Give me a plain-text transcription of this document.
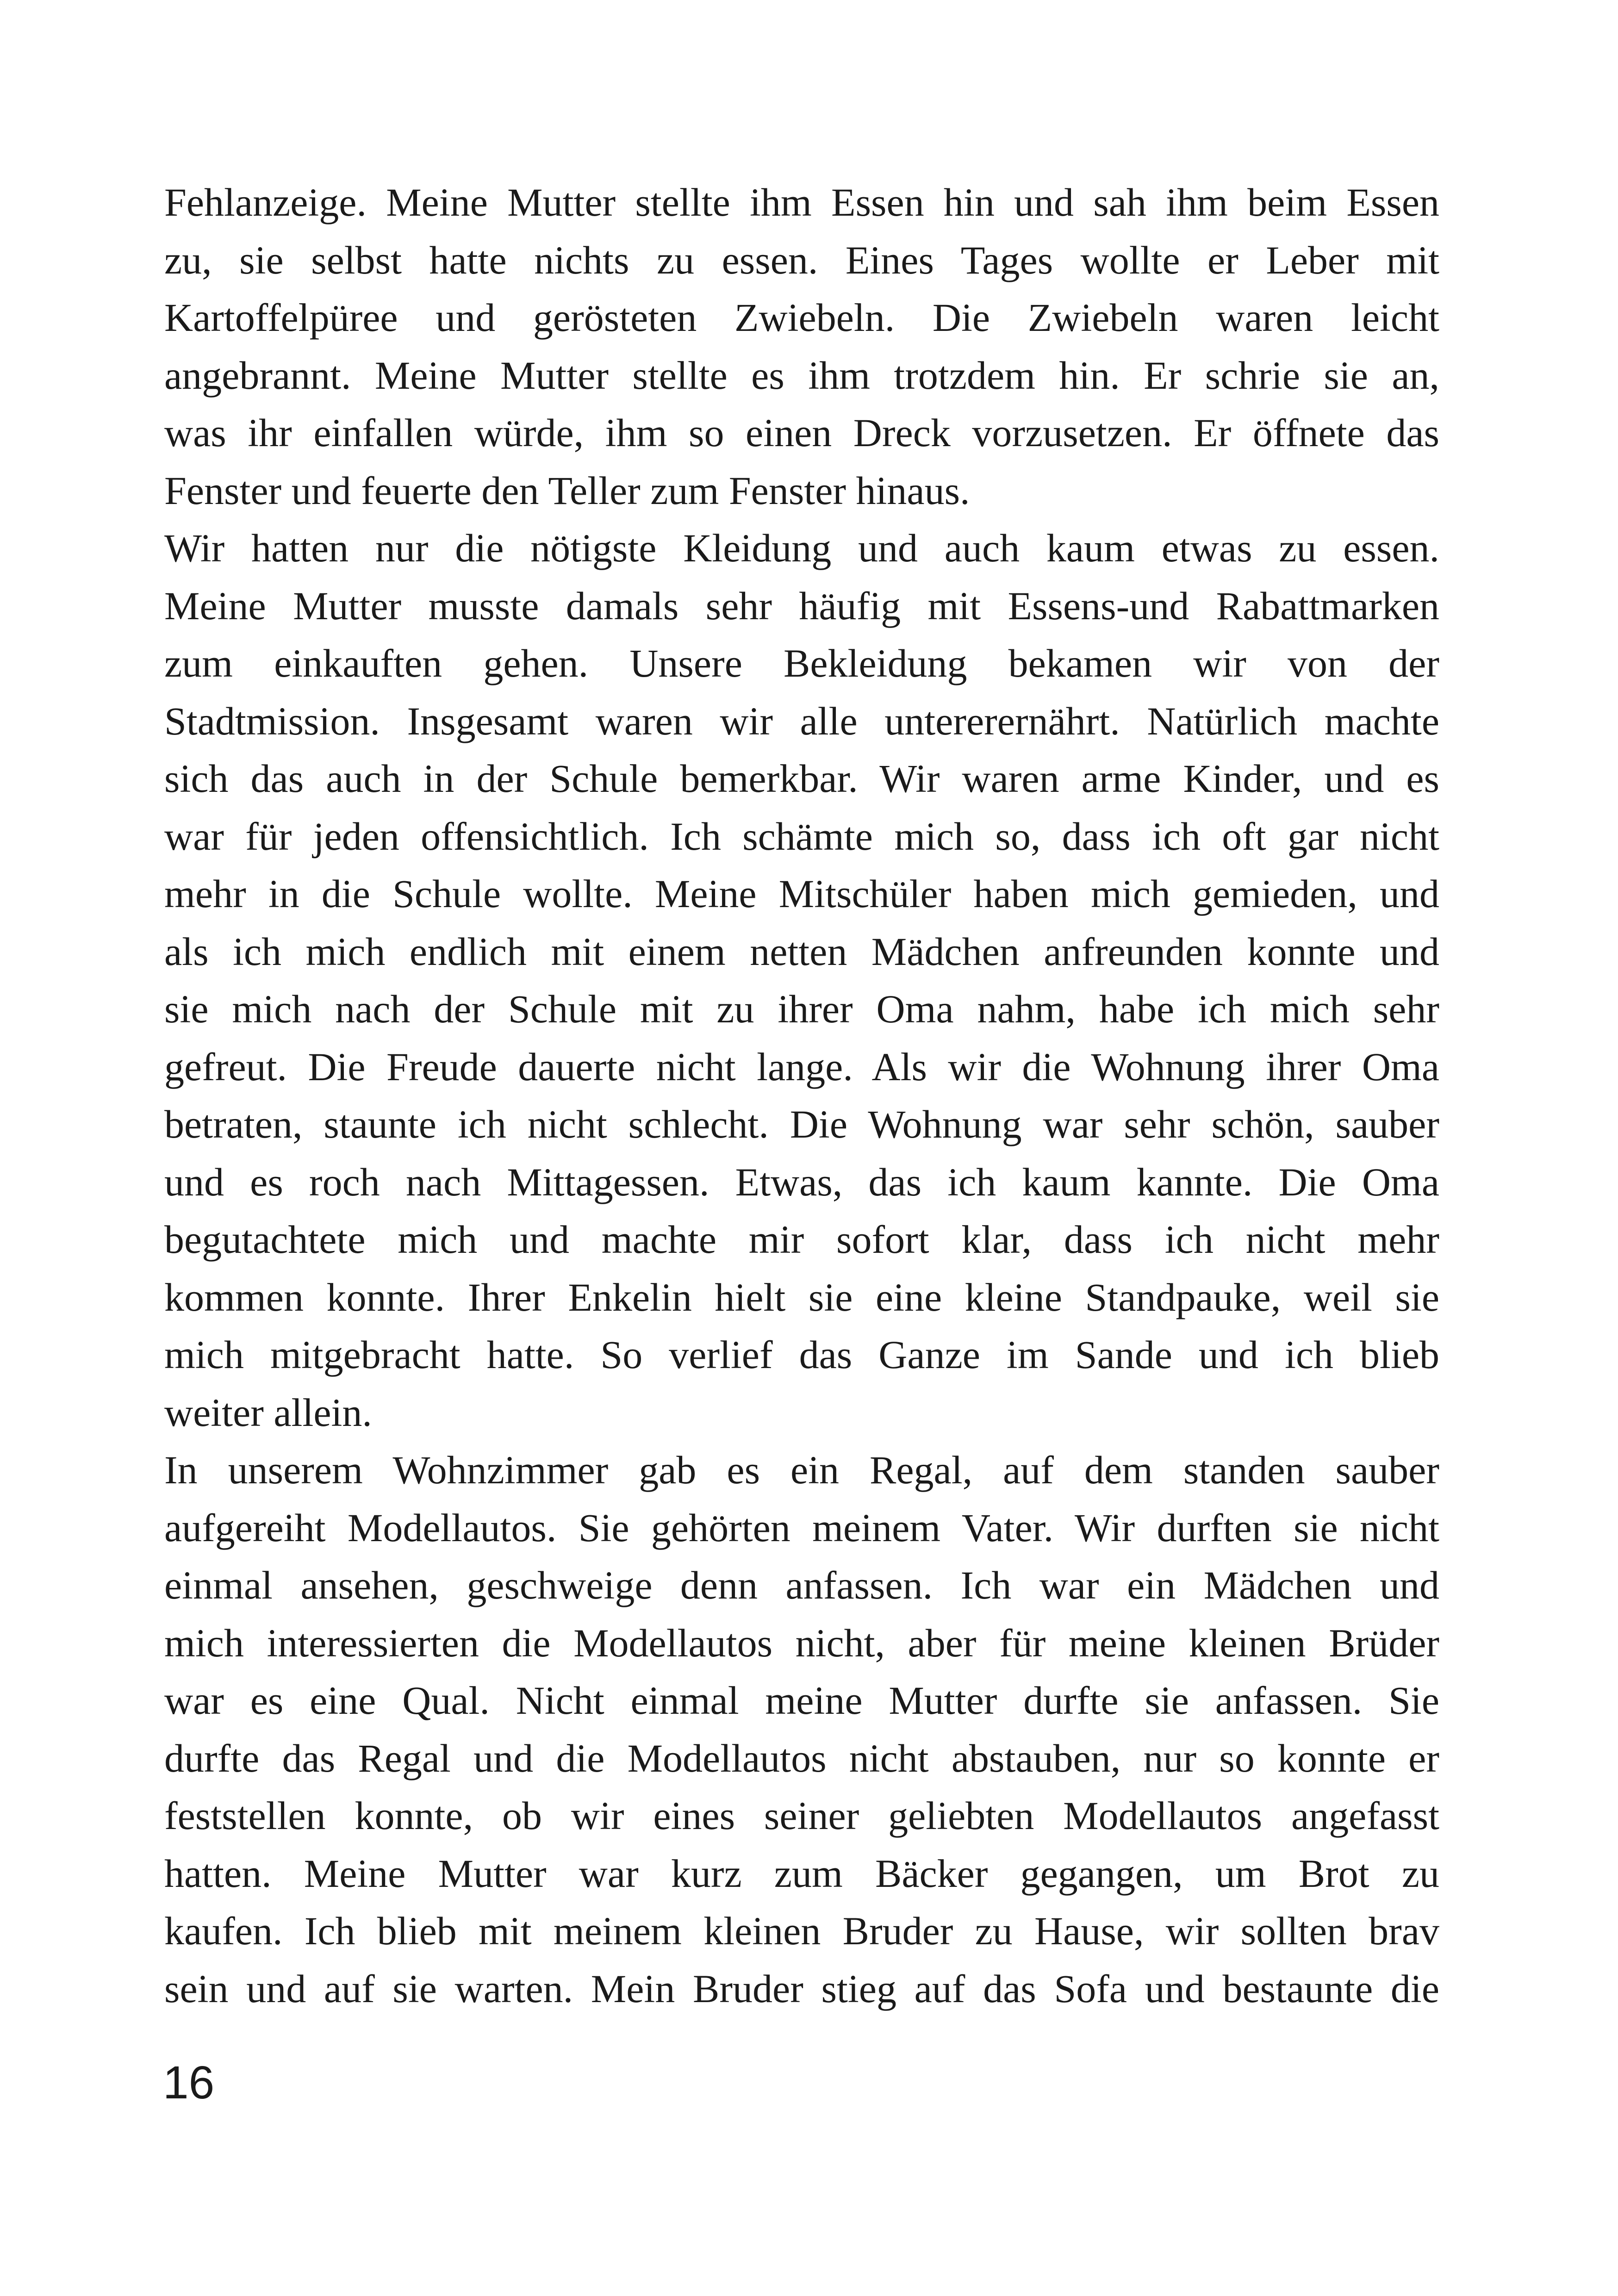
Fehlanzeige. Meine Mutter stellte ihm Essen hin und sah ihm beim Essen
zu, sie selbst hatte nichts zu essen. Eines Tages wollte er Leber mit
Kartoffelpüree und gerösteten Zwiebeln. Die Zwiebeln waren leicht
angebrannt. Meine Mutter stellte es ihm trotzdem hin. Er schrie sie an,
was ihr einfallen würde, ihm so einen Dreck vorzusetzen. Er öffnete das
Fenster und feuerte den Teller zum Fenster hinaus.

Wir hatten nur die nötigste Kleidung und auch kaum etwas zu essen.
Meine Mutter musste damals sehr häufig mit Essens-und Rabattmarken
zum einkauften gehen. Unsere Bekleidung bekamen wir von der
Stadtmission. Insgesamt waren wir alle untererernährt. Natürlich machte
sich das auch in der Schule bemerkbar. Wir waren arme Kinder, und es
war für jeden offensichtlich. Ich schämte mich so, dass ich oft gar nicht
mehr in die Schule wollte. Meine Mitschüler haben mich gemieden, und
als ich mich endlich mit einem netten Mädchen anfreunden konnte und
sie mich nach der Schule mit zu ihrer Oma nahm, habe ich mich sehr
gefreut. Die Freude dauerte nicht lange. Als wir die Wohnung ihrer Oma
betraten, staunte ich nicht schlecht. Die Wohnung war sehr schön, sauber
und es roch nach Mittagessen. Etwas, das ich kaum kannte. Die Oma
begutachtete mich und machte mir sofort klar, dass ich nicht mehr
kommen konnte. Ihrer Enkelin hielt sie eine kleine Standpauke, weil sie
mich mitgebracht hatte. So verlief das Ganze im Sande und ich blieb
weiter allein.

In unserem Wohnzimmer gab es ein Regal, auf dem standen sauber
aufgereiht Modellautos. Sie gehörten meinem Vater. Wir durften sie nicht
einmal ansehen, geschweige denn anfassen. Ich war ein Mädchen und
mich interessierten die Modellautos nicht, aber für meine kleinen Brüder
war es eine Qual. Nicht einmal meine Mutter durfte sie anfassen. Sie
durfte das Regal und die Modellautos nicht abstauben, nur so konnte er
feststellen konnte, ob wir eines seiner geliebten Modellautos angefasst
hatten. Meine Mutter war kurz zum Bäcker gegangen, um Brot zu
kaufen. Ich blieb mit meinem kleinen Bruder zu Hause, wir sollten brav
sein und auf sie warten. Mein Bruder stieg auf das Sofa und bestaunte die

16
